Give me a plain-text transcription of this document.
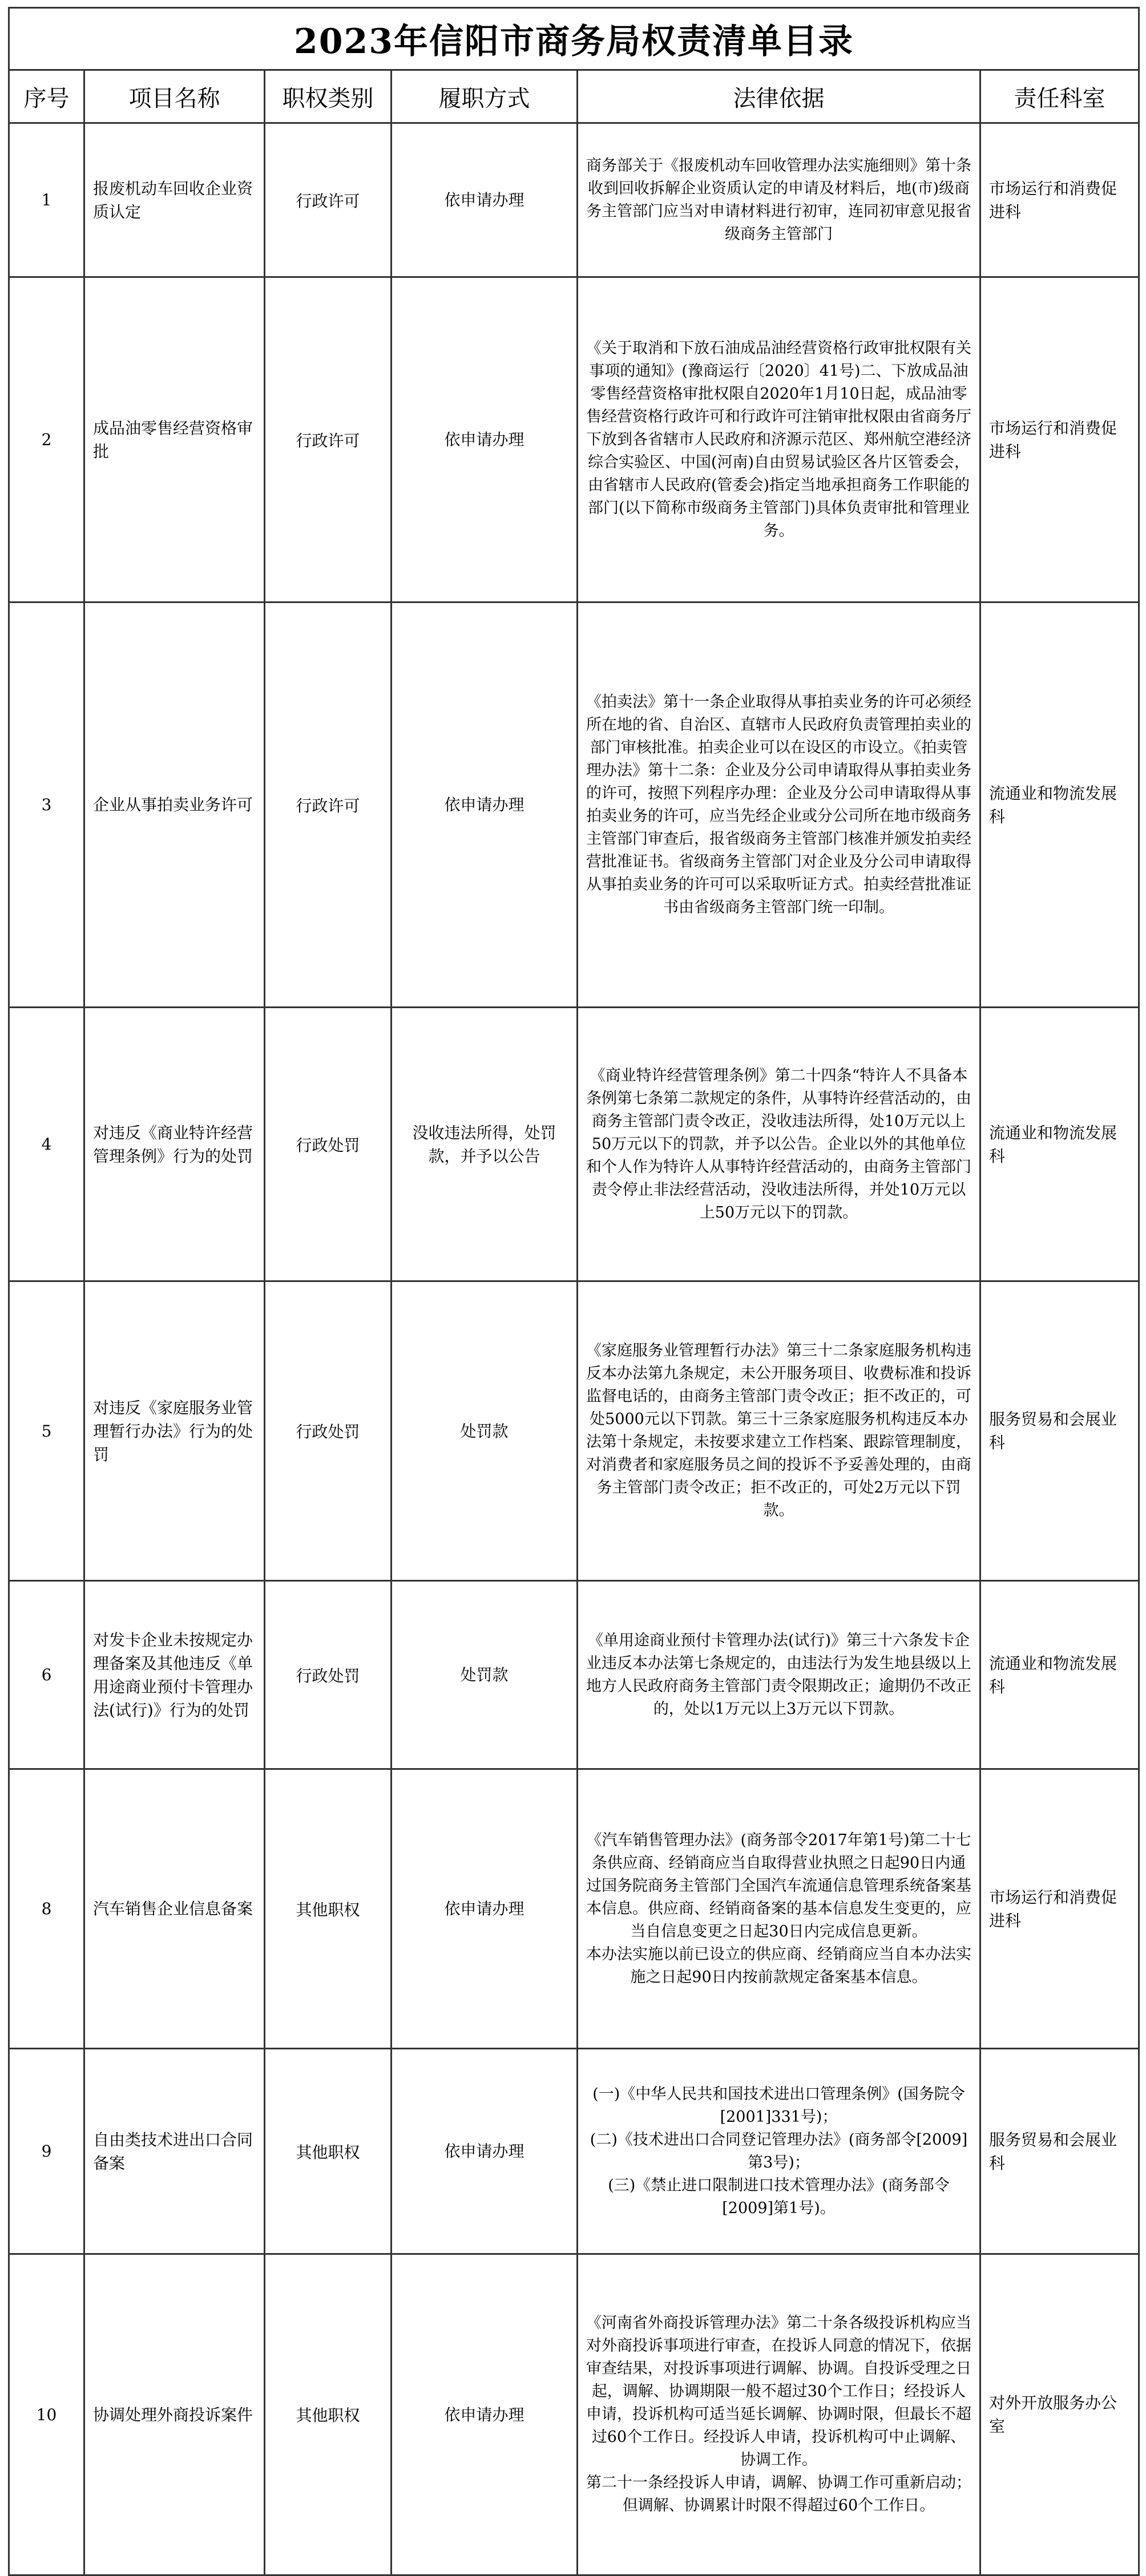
2023年信阳市商务局权责清单目录					
序号	项目名称	职权类别	履职方式	法律依据	责任科室
1	报废机动车回收企业资质认定	行政许可	依申请办理	商务部关于《报废机动车回收管理办法实施细则》第十条收到回收拆解企业资质认定的申请及材料后，地(市)级商务主管部门应当对申请材料进行初审，连同初审意见报省级商务主管部门	市场运行和消费促进科
2	成品油零售经营资格审批	行政许可	依申请办理	《关于取消和下放石油成品油经营资格行政审批权限有关事项的通知》(豫商运行〔2020〕41号)二、下放成品油零售经营资格审批权限自2020年1月10日起，成品油零售经营资格行政许可和行政许可注销审批权限由省商务厅下放到各省辖市人民政府和济源示范区、郑州航空港经济综合实验区、中国(河南)自由贸易试验区各片区管委会，由省辖市人民政府(管委会)指定当地承担商务工作职能的部门(以下简称市级商务主管部门)具体负责审批和管理业务。	市场运行和消费促进科
3	企业从事拍卖业务许可	行政许可	依申请办理	《拍卖法》第十一条企业取得从事拍卖业务的许可必须经所在地的省、自治区、直辖市人民政府负责管理拍卖业的部门审核批准。拍卖企业可以在设区的市设立。《拍卖管理办法》第十二条：企业及分公司申请取得从事拍卖业务的许可，按照下列程序办理：企业及分公司申请取得从事拍卖业务的许可，应当先经企业或分公司所在地市级商务主管部门审查后，报省级商务主管部门核准并颁发拍卖经营批准证书。省级商务主管部门对企业及分公司申请取得从事拍卖业务的许可可以采取听证方式。拍卖经营批准证书由省级商务主管部门统一印制。	流通业和物流发展科
4	对违反《商业特许经营管理条例》行为的处罚	行政处罚	没收违法所得，处罚款，并予以公告	《商业特许经营管理条例》第二十四条“特许人不具备本条例第七条第二款规定的条件，从事特许经营活动的，由商务主管部门责令改正，没收违法所得，处10万元以上50万元以下的罚款，并予以公告。企业以外的其他单位和个人作为特许人从事特许经营活动的，由商务主管部门责令停止非法经营活动，没收违法所得，并处10万元以上50万元以下的罚款。	流通业和物流发展科
5	对违反《家庭服务业管理暂行办法》行为的处罚	行政处罚	处罚款	《家庭服务业管理暂行办法》第三十二条家庭服务机构违反本办法第九条规定，未公开服务项目、收费标准和投诉监督电话的，由商务主管部门责令改正；拒不改正的，可处5000元以下罚款。第三十三条家庭服务机构违反本办法第十条规定，未按要求建立工作档案、跟踪管理制度，对消费者和家庭服务员之间的投诉不予妥善处理的，由商务主管部门责令改正；拒不改正的，可处2万元以下罚款。	服务贸易和会展业科
6	对发卡企业未按规定办理备案及其他违反《单用途商业预付卡管理办法(试行)》行为的处罚	行政处罚	处罚款	《单用途商业预付卡管理办法(试行)》第三十六条发卡企业违反本办法第七条规定的，由违法行为发生地县级以上地方人民政府商务主管部门责令限期改正；逾期仍不改正的，处以1万元以上3万元以下罚款。	流通业和物流发展科
8	汽车销售企业信息备案	其他职权	依申请办理	《汽车销售管理办法》(商务部令2017年第1号)第二十七条供应商、经销商应当自取得营业执照之日起90日内通过国务院商务主管部门全国汽车流通信息管理系统备案基本信息。供应商、经销商备案的基本信息发生变更的，应当自信息变更之日起30日内完成信息更新。
本办法实施以前已设立的供应商、经销商应当自本办法实施之日起90日内按前款规定备案基本信息。	市场运行和消费促进科
9	自由类技术进出口合同备案	其他职权	依申请办理	(一)《中华人民共和国技术进出口管理条例》(国务院令[2001]331号)；
(二)《技术进出口合同登记管理办法》(商务部令[2009]第3号)；
(三)《禁止进口限制进口技术管理办法》(商务部令[2009]第1号)。	服务贸易和会展业科
10	协调处理外商投诉案件	其他职权	依申请办理	《河南省外商投诉管理办法》第二十条各级投诉机构应当对外商投诉事项进行审查，在投诉人同意的情况下，依据审查结果，对投诉事项进行调解、协调。自投诉受理之日起，调解、协调期限一般不超过30个工作日；经投诉人申请，投诉机构可适当延长调解、协调时限，但最长不超过60个工作日。经投诉人申请，投诉机构可中止调解、协调工作。
第二十一条经投诉人申请，调解、协调工作可重新启动；但调解、协调累计时限不得超过60个工作日。	对外开放服务办公室
